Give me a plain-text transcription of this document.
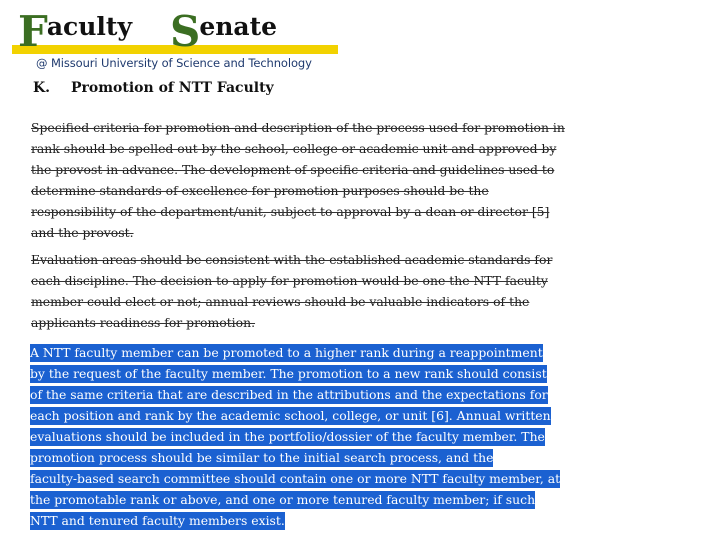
Faculty Senate
@ Missouri University of Science and Technology
K. Promotion of NTT Faculty
Specified criteria for promotion and description of the process used for promotion in
rank should be spelled out by the school, college or academic unit and approved by
the provost in advance. The development of specific criteria and guidelines used to
determine standards of excellence for promotion purposes should be the
responsibility of the department/unit, subject to approval by a dean or director [5]
and the provost.
Evaluation areas should be consistent with the established academic standards for
each discipline. The decision to apply for promotion would be one the NTT faculty
member could elect or not; annual reviews should be valuable indicators of the
applicants readiness for promotion.
A NTT faculty member can be promoted to a higher rank during a reappointment
by the request of the faculty member. The promotion to a new rank should consist
of the same criteria that are described in the attributions and the expectations for
each position and rank by the academic school, college, or unit [6]. Annual written
evaluations should be included in the portfolio/dossier of the faculty member. The
promotion process should be similar to the initial search process, and the
faculty-based search committee should contain one or more NTT faculty member, at
the promotable rank or above, and one or more tenured faculty member; if such
NTT and tenured faculty members exist.
